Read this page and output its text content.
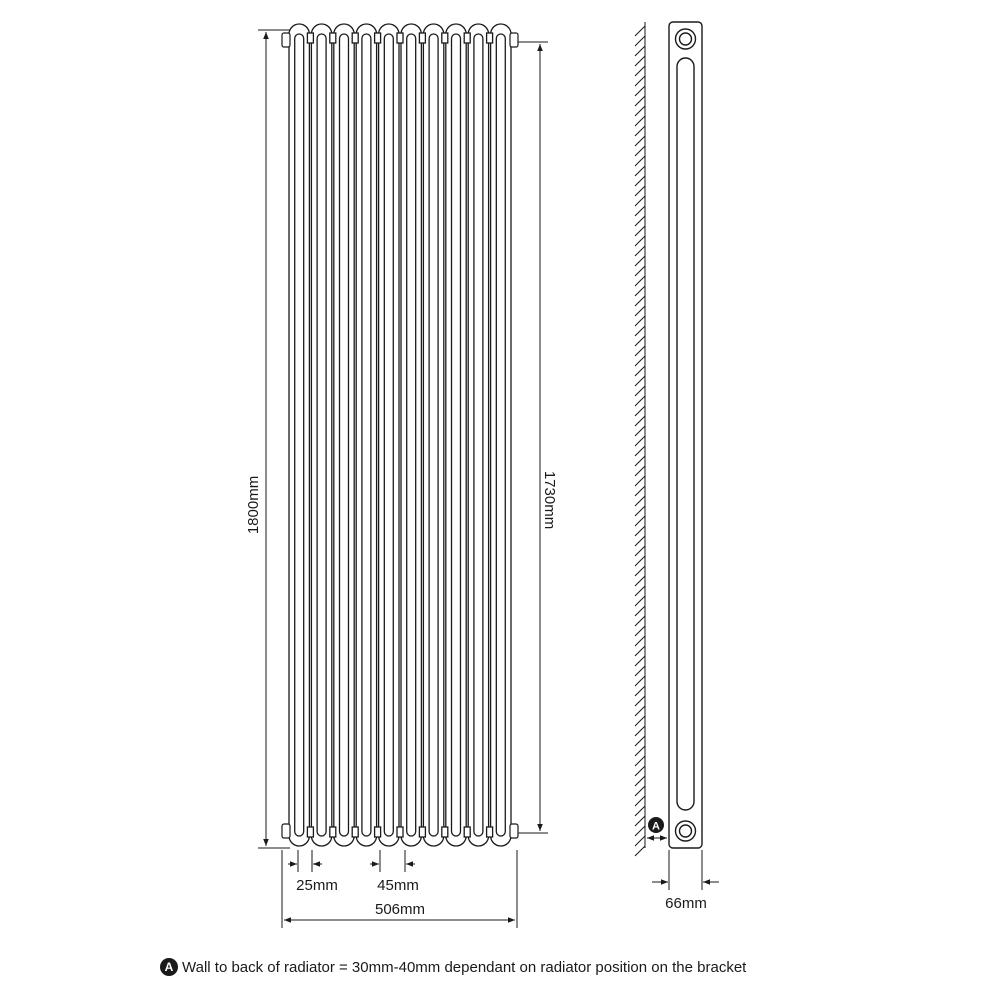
1800mm	1730mm
25mm	45mm
506mm
A
66mm
A Wall to back of radiator = 30mm-40mm dependant on radiator position on the bracket
